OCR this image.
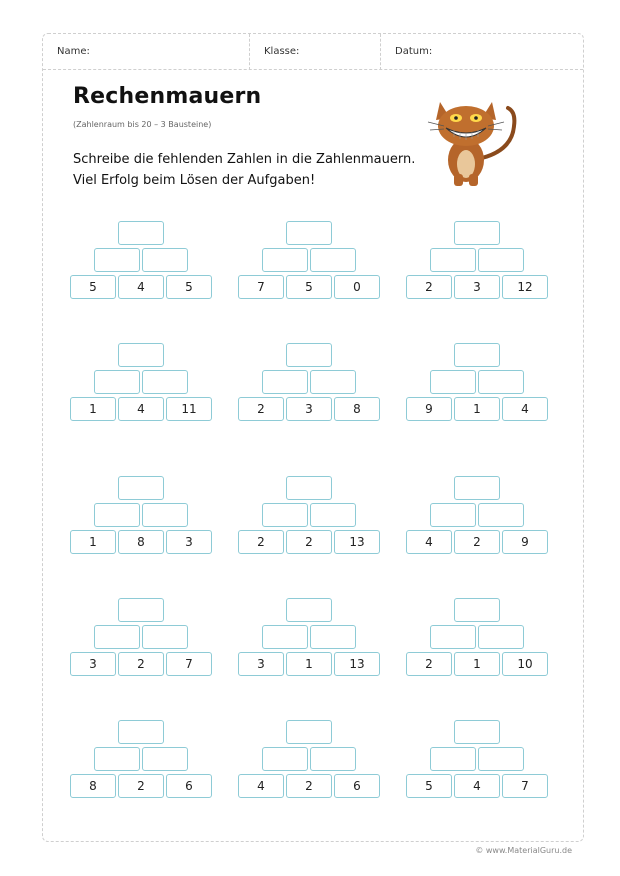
Name:	Klasse:	Datum:
Rechenmauern
(Zahlenraum bis 20 – 3 Bausteine)
Schreibe die fehlenden Zahlen in die Zahlenmauern.
Viel Erfolg beim Lösen der Aufgaben!
5	4	5	7	5	0	2	3	12
1	4	11	2	3	8	9	1	4
1	8	3	2	2	13	4	2	9
3	2	7	3	1	13	2	1	10
8	2	6	4	2	6	5	4	7
© www.MaterialGuru.de
